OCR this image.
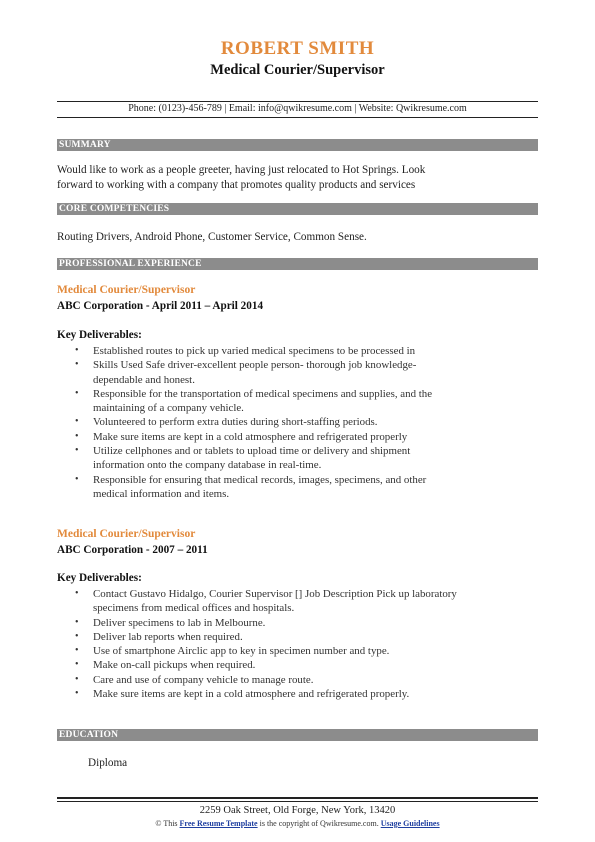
ROBERT SMITH
Medical Courier/Supervisor
Phone: (0123)-456-789 | Email: info@qwikresume.com | Website: Qwikresume.com
SUMMARY
Would like to work as a people greeter, having just relocated to Hot Springs. Look
forward to working with a company that promotes quality products and services
CORE COMPETENCIES
Routing Drivers, Android Phone, Customer Service, Common Sense.
PROFESSIONAL EXPERIENCE
Medical Courier/Supervisor
ABC Corporation - April 2011 – April 2014
Key Deliverables:
• Established routes to pick up varied medical specimens to be processed in
• Skills Used Safe driver-excellent people person- thorough job knowledge-
dependable and honest.
• Responsible for the transportation of medical specimens and supplies, and the
maintaining of a company vehicle.
• Volunteered to perform extra duties during short-staffing periods.
• Make sure items are kept in a cold atmosphere and refrigerated properly
• Utilize cellphones and or tablets to upload time or delivery and shipment
information onto the company database in real-time.
• Responsible for ensuring that medical records, images, specimens, and other
medical information and items.
Medical Courier/Supervisor
ABC Corporation - 2007 – 2011
Key Deliverables:
• Contact Gustavo Hidalgo, Courier Supervisor [] Job Description Pick up laboratory
specimens from medical offices and hospitals.
• Deliver specimens to lab in Melbourne.
• Deliver lab reports when required.
• Use of smartphone Airclic app to key in specimen number and type.
• Make on-call pickups when required.
• Care and use of company vehicle to manage route.
• Make sure items are kept in a cold atmosphere and refrigerated properly.
EDUCATION
Diploma
2259 Oak Street, Old Forge, New York, 13420
© This Free Resume Template is the copyright of Qwikresume.com. Usage Guidelines
